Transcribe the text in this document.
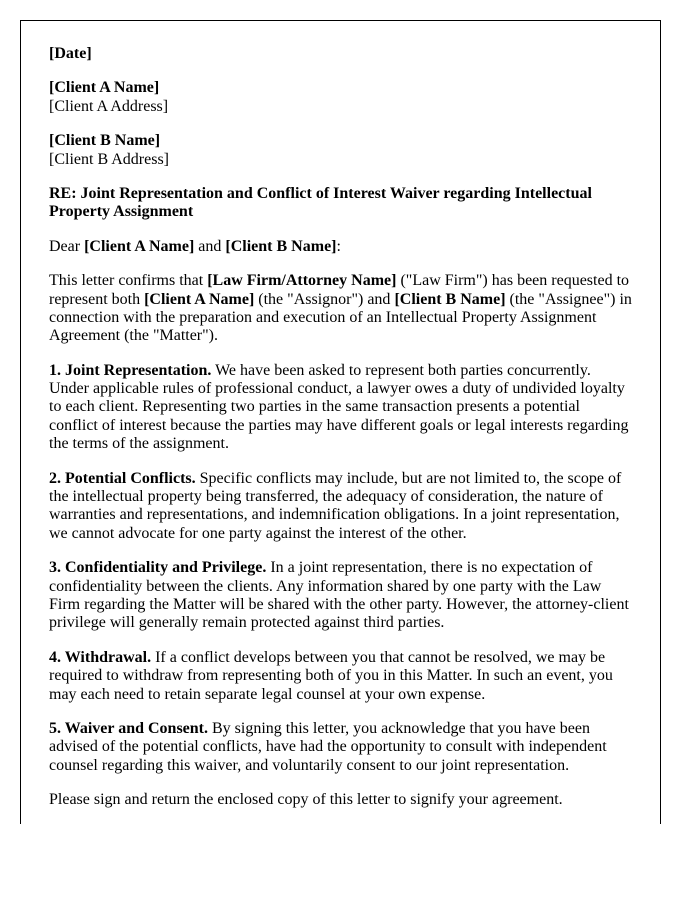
[Date]

[Client A Name]

[Client A Address]

[Client B Name]

[Client B Address]

RE: Joint Representation and Conflict of Interest Waiver regarding Intellectual Property Assignment

Dear [Client A Name] and [Client B Name]:

This letter confirms that [Law Firm/Attorney Name] ("Law Firm") has been requested to represent both [Client A Name] (the "Assignor") and [Client B Name] (the "Assignee") in connection with the preparation and execution of an Intellectual Property Assignment Agreement (the "Matter").

1. Joint Representation. We have been asked to represent both parties concurrently. Under applicable rules of professional conduct, a lawyer owes a duty of undivided loyalty to each client. Representing two parties in the same transaction presents a potential conflict of interest because the parties may have different goals or legal interests regarding the terms of the assignment.

2. Potential Conflicts. Specific conflicts may include, but are not limited to, the scope of the intellectual property being transferred, the adequacy of consideration, the nature of warranties and representations, and indemnification obligations. In a joint representation, we cannot advocate for one party against the interest of the other.

3. Confidentiality and Privilege. In a joint representation, there is no expectation of confidentiality between the clients. Any information shared by one party with the Law Firm regarding the Matter will be shared with the other party. However, the attorney-client privilege will generally remain protected against third parties.

4. Withdrawal. If a conflict develops between you that cannot be resolved, we may be required to withdraw from representing both of you in this Matter. In such an event, you may each need to retain separate legal counsel at your own expense.

5. Waiver and Consent. By signing this letter, you acknowledge that you have been advised of the potential conflicts, have had the opportunity to consult with independent counsel regarding this waiver, and voluntarily consent to our joint representation.

Please sign and return the enclosed copy of this letter to signify your agreement.
